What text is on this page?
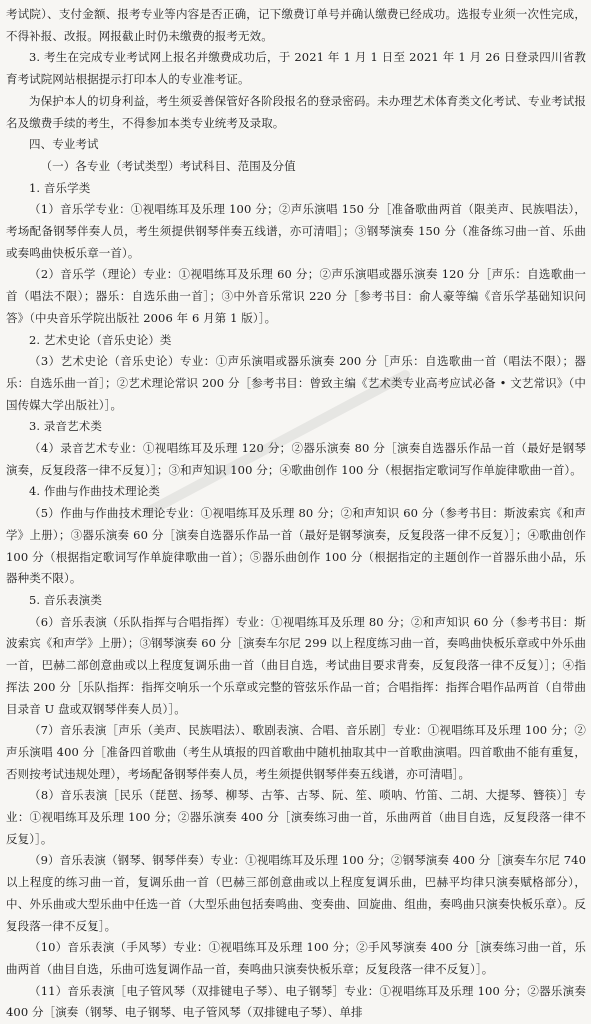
考试院）、支付金额、报考专业等内容是否正确，记下缴费订单号并确认缴费已经成功。选报专业须一次性完成，不得补报、改报。网报截止时仍未缴费的报考无效。

3. 考生在完成专业考试网上报名并缴费成功后，于 2021 年 1 月 1 日至 2021 年 1 月 26 日登录四川省教育考试院网站根据提示打印本人的专业准考证。

为保护本人的切身利益，考生须妥善保管好各阶段报名的登录密码。未办理艺术体育类文化考试、专业考试报名及缴费手续的考生，不得参加本类专业统考及录取。

四、专业考试

（一）各专业（考试类型）考试科目、范围及分值

1. 音乐学类

（1）音乐学专业：①视唱练耳及乐理 100 分；②声乐演唱 150 分［准备歌曲两首（限美声、民族唱法），考场配备钢琴伴奏人员，考生须提供钢琴伴奏五线谱，亦可清唱］；③钢琴演奏 150 分（准备练习曲一首、乐曲或奏鸣曲快板乐章一首）。

（2）音乐学（理论）专业：①视唱练耳及乐理 60 分；②声乐演唱或器乐演奏 120 分［声乐：自选歌曲一首（唱法不限）；器乐：自选乐曲一首］；③中外音乐常识 220 分［参考书目：俞人豪等编《音乐学基础知识问答》（中央音乐学院出版社 2006 年 6 月第 1 版）］。

2. 艺术史论（音乐史论）类

（3）艺术史论（音乐史论）专业：①声乐演唱或器乐演奏 200 分［声乐：自选歌曲一首（唱法不限）；器乐：自选乐曲一首］；②艺术理论常识 200 分［参考书目：曾致主编《艺术类专业高考应试必备 • 文艺常识》（中国传媒大学出版社）］。

3. 录音艺术类

（4）录音艺术专业：①视唱练耳及乐理 120 分；②器乐演奏 80 分［演奏自选器乐作品一首（最好是钢琴演奏，反复段落一律不反复）］；③和声知识 100 分；④歌曲创作 100 分（根据指定歌词写作单旋律歌曲一首）。

4. 作曲与作曲技术理论类

（5）作曲与作曲技术理论专业：①视唱练耳及乐理 80 分；②和声知识 60 分（参考书目：斯波索宾《和声学》上册）；③器乐演奏 60 分［演奏自选器乐作品一首（最好是钢琴演奏，反复段落一律不反复）］；④歌曲创作 100 分（根据指定歌词写作单旋律歌曲一首）；⑤器乐曲创作 100 分（根据指定的主题创作一首器乐曲小品，乐器种类不限）。

5. 音乐表演类

（6）音乐表演（乐队指挥与合唱指挥）专业：①视唱练耳及乐理 80 分；②和声知识 60 分（参考书目：斯波索宾《和声学》上册）；③钢琴演奏 60 分［演奏车尔尼 299 以上程度练习曲一首，奏鸣曲快板乐章或中外乐曲一首，巴赫二部创意曲或以上程度复调乐曲一首（曲目自选，考试曲目要求背奏，反复段落一律不反复）］；④指挥法 200 分［乐队指挥：指挥交响乐一个乐章或完整的管弦乐作品一首；合唱指挥：指挥合唱作品两首（自带曲目录音 U 盘或双钢琴伴奏人员）］。

（7）音乐表演［声乐（美声、民族唱法）、歌剧表演、合唱、音乐剧］专业：①视唱练耳及乐理 100 分；②声乐演唱 400 分［准备四首歌曲（考生从填报的四首歌曲中随机抽取其中一首歌曲演唱。四首歌曲不能有重复，否则按考试违规处理），考场配备钢琴伴奏人员，考生须提供钢琴伴奏五线谱，亦可清唱］。

（8）音乐表演［民乐（琵琶、扬琴、柳琴、古筝、古琴、阮、笙、唢呐、竹笛、二胡、大提琴、簪筷）］专业：①视唱练耳及乐理 100 分；②器乐演奏 400 分［演奏练习曲一首，乐曲两首（曲目自选，反复段落一律不反复）］。

（9）音乐表演（钢琴、钢琴伴奏）专业：①视唱练耳及乐理 100 分；②钢琴演奏 400 分［演奏车尔尼 740 以上程度的练习曲一首，复调乐曲一首（巴赫三部创意曲或以上程度复调乐曲，巴赫平均律只演奏赋格部分），中、外乐曲或大型乐曲中任选一首（大型乐曲包括奏鸣曲、变奏曲、回旋曲、组曲，奏鸣曲只演奏快板乐章）。反复段落一律不反复］。

（10）音乐表演（手风琴）专业：①视唱练耳及乐理 100 分；②手风琴演奏 400 分［演奏练习曲一首，乐曲两首（曲目自选，乐曲可选复调作品一首，奏鸣曲只演奏快板乐章；反复段落一律不反复）］。

（11）音乐表演［电子管风琴（双排键电子琴）、电子钢琴］专业：①视唱练耳及乐理 100 分；②器乐演奏 400 分［演奏（钢琴、电子钢琴、电子管风琴（双排键电子琴）、单排
